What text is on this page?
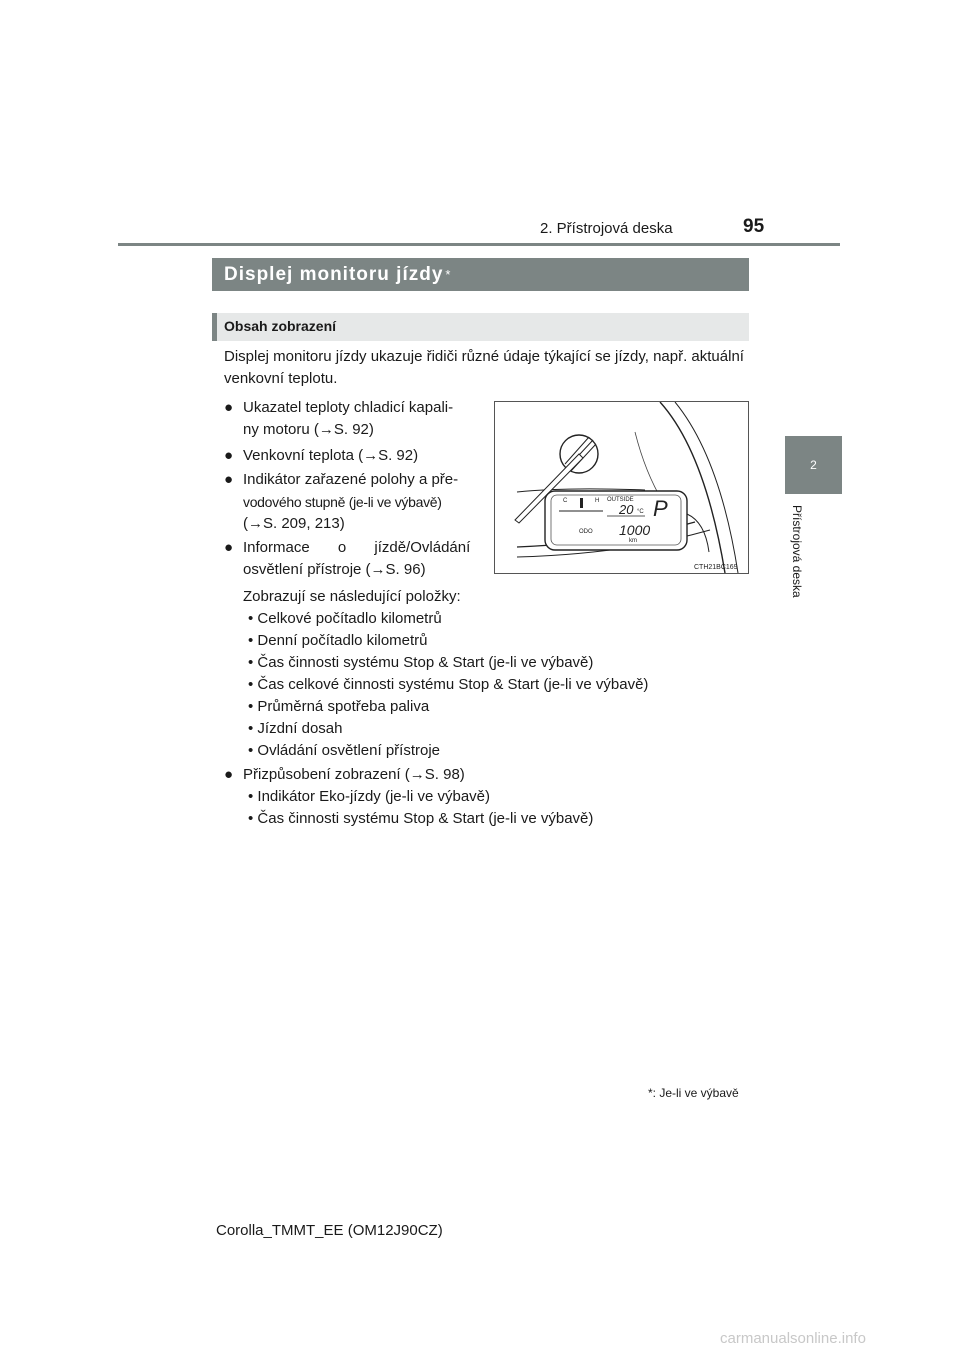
2. Přístrojová deska	95
2
Přístrojová deska
Displej monitoru jízdy *
Obsah zobrazení
Displej monitoru jízdy ukazuje řidiči různé údaje týkající se jízdy, např. aktuální venkovní teplotu.
● Ukazatel teploty chladicí kapali-
ny motoru (→S. 92)
● Venkovní teplota (→S. 92)
● Indikátor zařazené polohy a pře-
vodového stupně (je-li ve výbavě)
(→S. 209, 213)
● Informace o jízdě/Ovládání
osvětlení přístroje (→S. 96)
Zobrazují se následující položky:
• Celkové počítadlo kilometrů
• Denní počítadlo kilometrů
• Čas činnosti systému Stop & Start (je-li ve výbavě)
• Čas celkové činnosti systému Stop & Start (je-li ve výbavě)
• Průměrná spotřeba paliva
• Jízdní dosah
• Ovládání osvětlení přístroje
● Přizpůsobení zobrazení (→S. 98)
• Indikátor Eko-jízdy (je-li ve výbavě)
• Čas činnosti systému Stop & Start (je-li ve výbavě)
C	H OUTSIDE
20 °C P
ODO 1000
km
CTH21BC169
*: Je-li ve výbavě
Corolla_TMMT_EE (OM12J90CZ)
carmanualsonline.info
